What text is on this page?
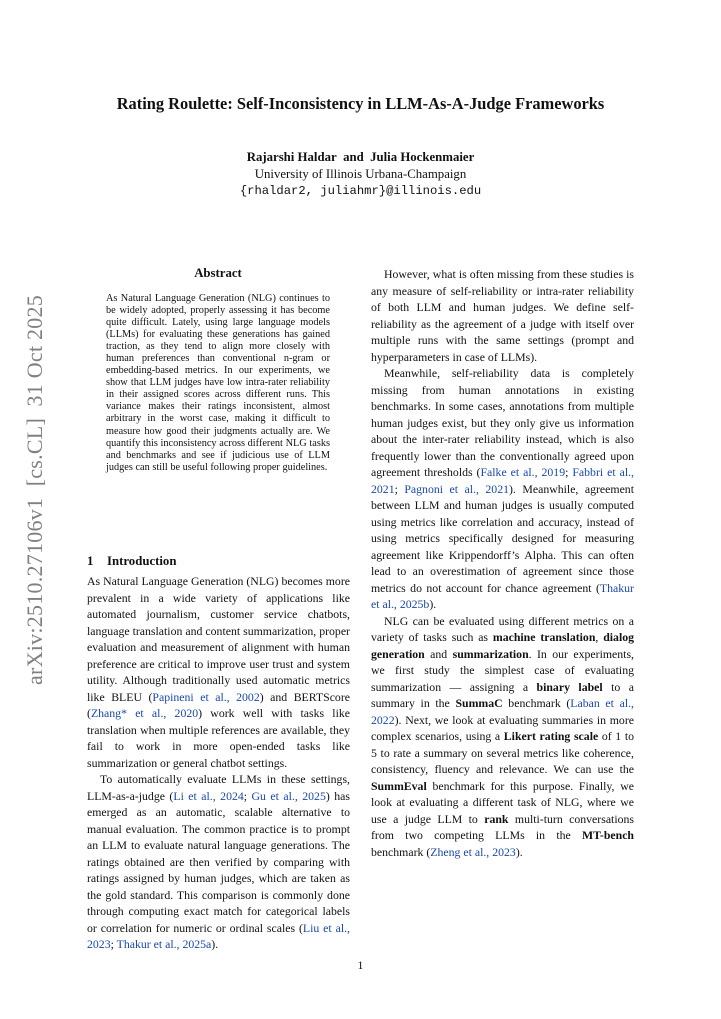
Rating Roulette: Self-Inconsistency in LLM-As-A-Judge Frameworks
Rajarshi Haldar and Julia Hockenmaier
University of Illinois Urbana-Champaign
{rhaldar2, juliahmr}@illinois.edu
Abstract
As Natural Language Generation (NLG) continues to be widely adopted, properly assessing it has become quite difficult. Lately, using large language models (LLMs) for evaluating these generations has gained traction, as they tend to align more closely with human preferences than conventional n-gram or embedding-based metrics. In our experiments, we show that LLM judges have low intra-rater reliability in their assigned scores across different runs. This variance makes their ratings inconsistent, almost arbitrary in the worst case, making it difficult to measure how good their judgments actually are. We quantify this inconsistency across different NLG tasks and benchmarks and see if judicious use of LLM judges can still be useful following proper guidelines.
1 Introduction

As Natural Language Generation (NLG) becomes more prevalent in a wide variety of applications like automated journalism, customer service chatbots, language translation and content summarization, proper evaluation and measurement of alignment with human preference are critical to improve user trust and system utility. Although traditionally used automatic metrics like BLEU (Papineni et al., 2002) and BERTScore (Zhang* et al., 2020) work well with tasks like translation when multiple references are available, they fail to work in more open-ended tasks like summarization or general chatbot settings.

To automatically evaluate LLMs in these settings, LLM-as-a-judge (Li et al., 2024; Gu et al., 2025) has emerged as an automatic, scalable alternative to manual evaluation. The common practice is to prompt an LLM to evaluate natural language generations. The ratings obtained are then verified by comparing with ratings assigned by human judges, which are taken as the gold standard. This comparison is commonly done through computing exact match for categorical labels or correlation for numeric or ordinal scales (Liu et al., 2023; Thakur et al., 2025a).

However, what is often missing from these studies is any measure of self-reliability or intra-rater reliability of both LLM and human judges. We define self-reliability as the agreement of a judge with itself over multiple runs with the same settings (prompt and hyperparameters in case of LLMs).

Meanwhile, self-reliability data is completely missing from human annotations in existing benchmarks. In some cases, annotations from multiple human judges exist, but they only give us information about the inter-rater reliability instead, which is also frequently lower than the conventionally agreed upon agreement thresholds (Falke et al., 2019; Fabbri et al., 2021; Pagnoni et al., 2021). Meanwhile, agreement between LLM and human judges is usually computed using metrics like correlation and accuracy, instead of using metrics specifically designed for measuring agreement like Krippendorff’s Alpha. This can often lead to an overestimation of agreement since those metrics do not account for chance agreement (Thakur et al., 2025b).

NLG can be evaluated using different metrics on a variety of tasks such as machine translation, dialog generation and summarization. In our experiments, we first study the simplest case of evaluating summarization — assigning a binary label to a summary in the SummaC benchmark (Laban et al., 2022). Next, we look at evaluating summaries in more complex scenarios, using a Likert rating scale of 1 to 5 to rate a summary on several metrics like coherence, consistency, fluency and relevance. We can use the SummEval benchmark for this purpose. Finally, we look at evaluating a different task of NLG, where we use a judge LLM to rank multi-turn conversations from two competing LLMs in the MT-bench benchmark (Zheng et al., 2023).

arXiv:2510.27106v1  [cs.CL]  31 Oct 2025
1
